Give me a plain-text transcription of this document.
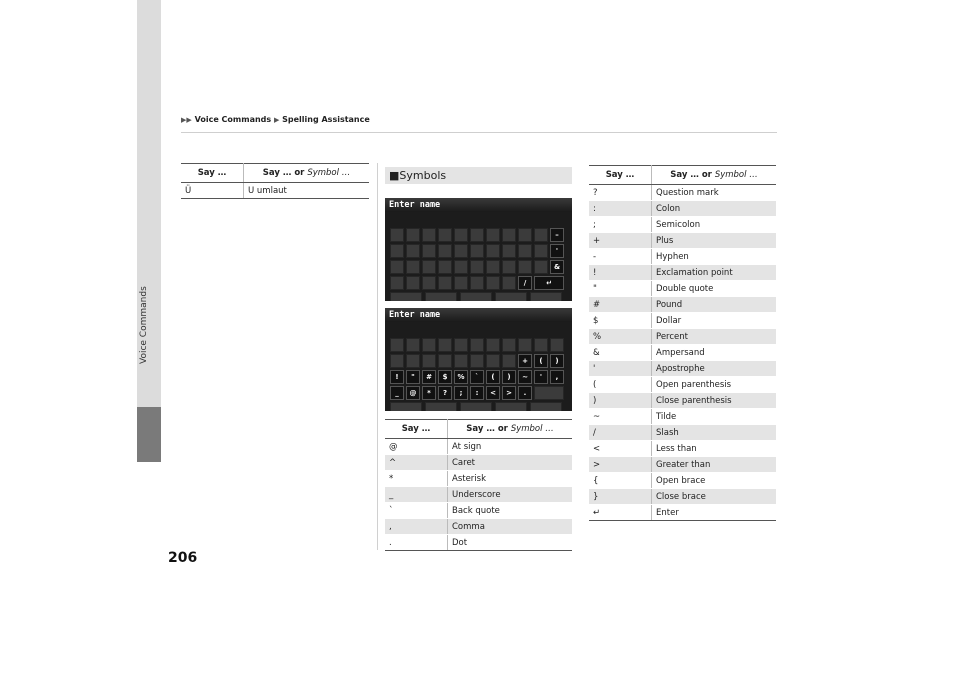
▶▶ Voice Commands ▶ Spelling Assistance
Voice Commands
206
Say …	Say … or Symbol …
Ü	U umlaut
■Symbols
Enter name
–
'
&
/	↵
Enter name
+	(	)
!	"	#	$	%	`	(	)	~	'	,
_	@	*	?	;	:	<	>	.
Say …	Say … or Symbol …
@	At sign
^	Caret
*	Asterisk
_	Underscore
`	Back quote
,	Comma
.	Dot
Say …	Say … or Symbol …
?	Question mark
:	Colon
;	Semicolon
+	Plus
-	Hyphen
!	Exclamation point
"	Double quote
#	Pound
$	Dollar
%	Percent
&	Ampersand
'	Apostrophe
(	Open parenthesis
)	Close parenthesis
~	Tilde
/	Slash
<	Less than
>	Greater than
{	Open brace
}	Close brace
↵	Enter
